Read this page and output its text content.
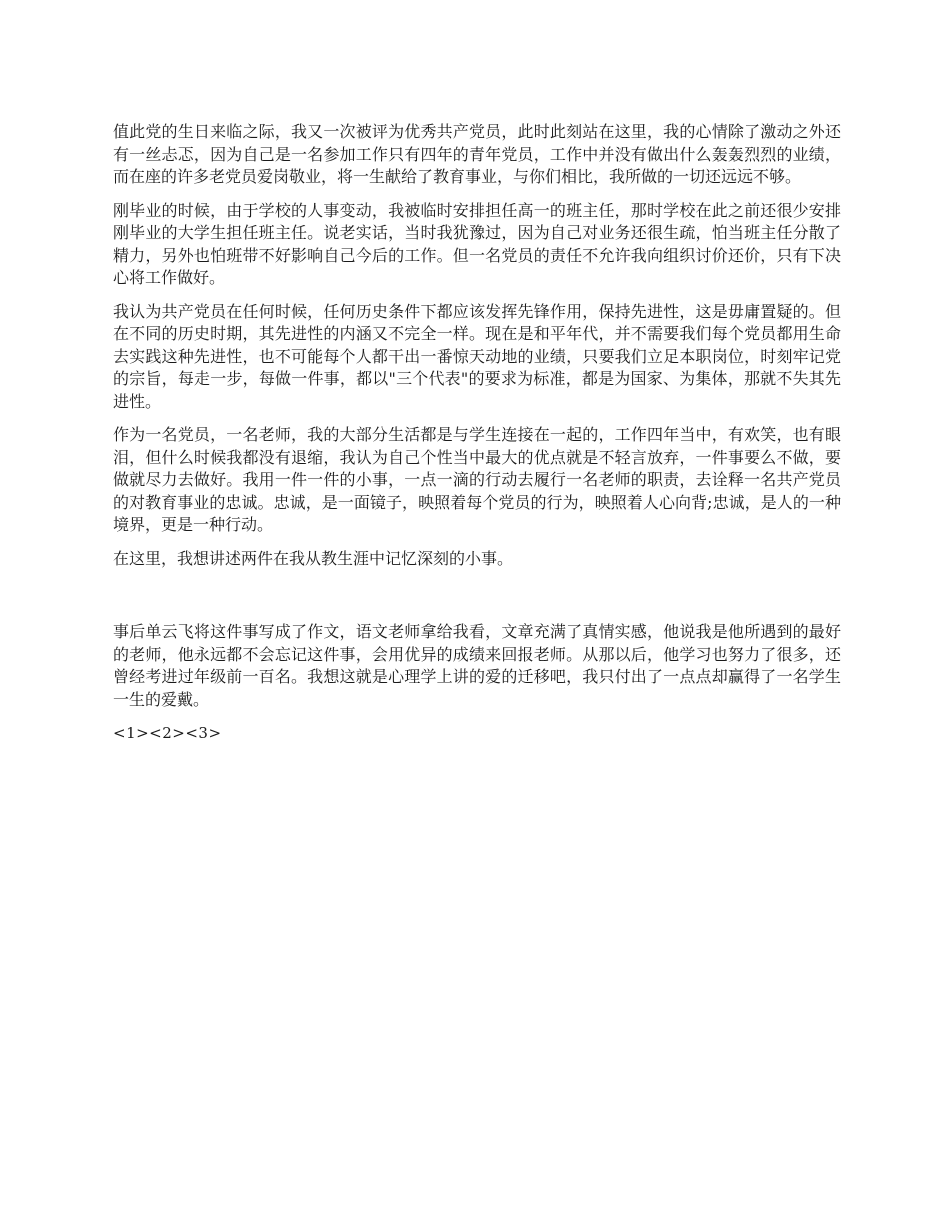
值此党的生日来临之际，我又一次被评为优秀共产党员，此时此刻站在这里，我的心情除了激动之外还有一丝忐忑，因为自己是一名参加工作只有四年的青年党员，工作中并没有做出什么轰轰烈烈的业绩，而在座的许多老党员爱岗敬业，将一生献给了教育事业，与你们相比，我所做的一切还远远不够。

刚毕业的时候，由于学校的人事变动，我被临时安排担任高一的班主任，那时学校在此之前还很少安排刚毕业的大学生担任班主任。说老实话，当时我犹豫过，因为自己对业务还很生疏，怕当班主任分散了精力，另外也怕班带不好影响自己今后的工作。但一名党员的责任不允许我向组织讨价还价，只有下决心将工作做好。

我认为共产党员在任何时候，任何历史条件下都应该发挥先锋作用，保持先进性，这是毋庸置疑的。但在不同的历史时期，其先进性的内涵又不完全一样。现在是和平年代，并不需要我们每个党员都用生命去实践这种先进性，也不可能每个人都干出一番惊天动地的业绩，只要我们立足本职岗位，时刻牢记党的宗旨，每走一步，每做一件事，都以"三个代表"的要求为标准，都是为国家、为集体，那就不失其先进性。

作为一名党员，一名老师，我的大部分生活都是与学生连接在一起的，工作四年当中，有欢笑，也有眼泪，但什么时候我都没有退缩，我认为自己个性当中最大的优点就是不轻言放弃，一件事要么不做，要做就尽力去做好。我用一件一件的小事，一点一滴的行动去履行一名老师的职责，去诠释一名共产党员的对教育事业的忠诚。忠诚，是一面镜子，映照着每个党员的行为，映照着人心向背;忠诚，是人的一种境界，更是一种行动。

在这里，我想讲述两件在我从教生涯中记忆深刻的小事。

事后单云飞将这件事写成了作文，语文老师拿给我看，文章充满了真情实感，他说我是他所遇到的最好的老师，他永远都不会忘记这件事，会用优异的成绩来回报老师。从那以后，他学习也努力了很多，还曾经考进过年级前一百名。我想这就是心理学上讲的爱的迁移吧，我只付出了一点点却赢得了一名学生一生的爱戴。

<1><2><3>
